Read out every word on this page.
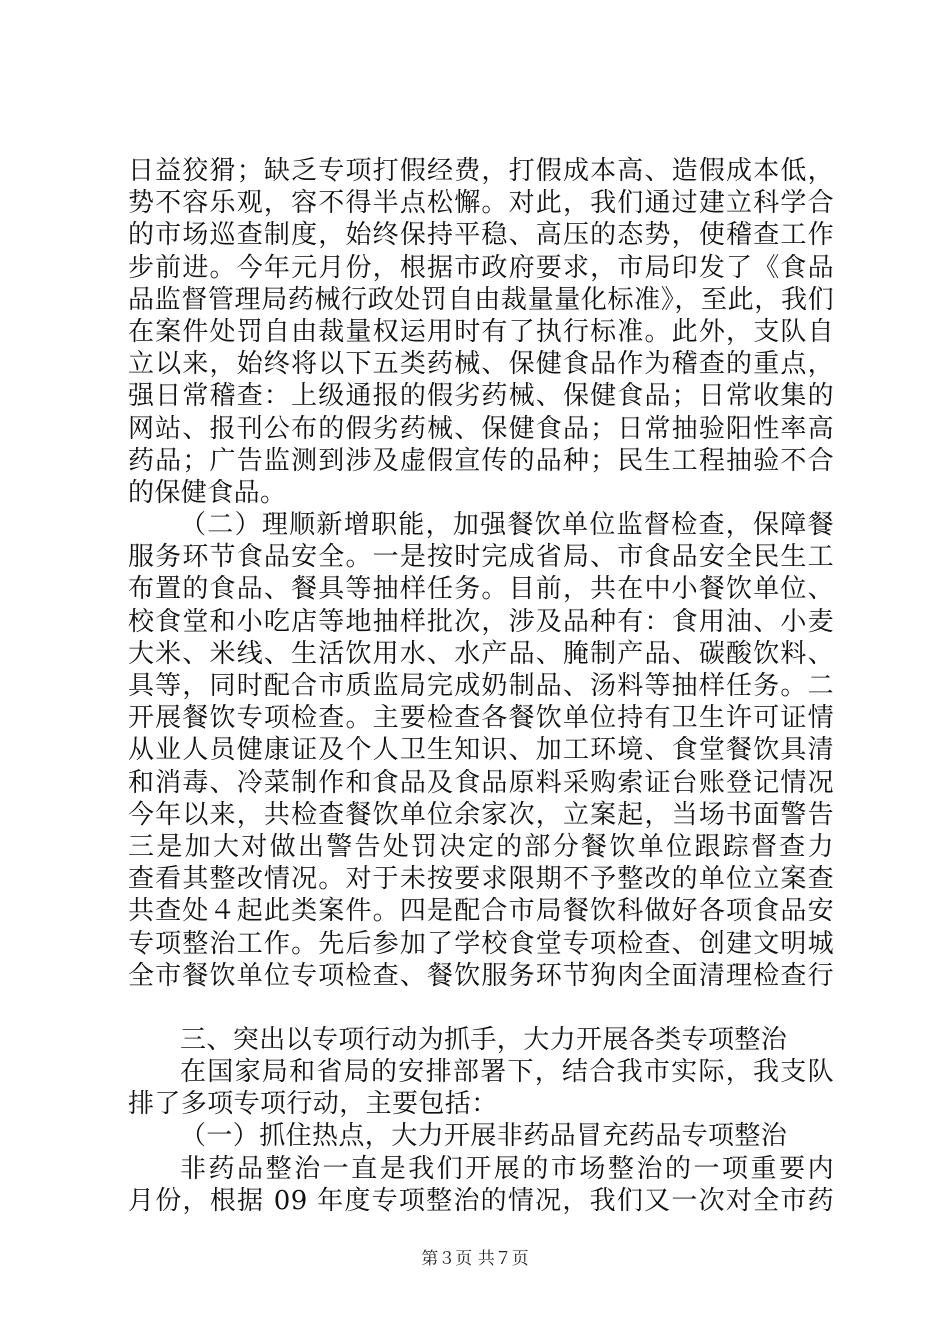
日益狡猾；缺乏专项打假经费，打假成本高、造假成本低，
势不容乐观，容不得半点松懈。对此，我们通过建立科学合
的市场巡查制度，始终保持平稳、高压的态势，使稽查工作
步前进。今年元月份，根据市政府要求，市局印发了《食品
品监督管理局药械行政处罚自由裁量量化标准》，至此，我们
在案件处罚自由裁量权运用时有了执行标准。此外，支队自
立以来，始终将以下五类药械、保健食品作为稽查的重点，
强日常稽查：上级通报的假劣药械、保健食品；日常收集的
网站、报刊公布的假劣药械、保健食品；日常抽验阳性率高
药品；广告监测到涉及虚假宣传的品种；民生工程抽验不合
的保健食品。
（二）理顺新增职能，加强餐饮单位监督检查，保障餐
服务环节食品安全。一是按时完成省局、市食品安全民生工
布置的食品、餐具等抽样任务。目前，共在中小餐饮单位、
校食堂和小吃店等地抽样批次，涉及品种有：食用油、小麦
大米、米线、生活饮用水、水产品、腌制产品、碳酸饮料、
具等，同时配合市质监局完成奶制品、汤料等抽样任务。二
开展餐饮专项检查。主要检查各餐饮单位持有卫生许可证情
从业人员健康证及个人卫生知识、加工环境、食堂餐饮具清
和消毒、冷菜制作和食品及食品原料采购索证台账登记情况
今年以来，共检查餐饮单位余家次，立案起，当场书面警告
三是加大对做出警告处罚决定的部分餐饮单位跟踪督查力
查看其整改情况。对于未按要求限期不予整改的单位立案查
共查处４起此类案件。四是配合市局餐饮科做好各项食品安
专项整治工作。先后参加了学校食堂专项检查、创建文明城
全市餐饮单位专项检查、餐饮服务环节狗肉全面清理检查行
三、突出以专项行动为抓手，大力开展各类专项整治
在国家局和省局的安排部署下，结合我市实际，我支队
排了多项专项行动，主要包括：
（一）抓住热点，大力开展非药品冒充药品专项整治
非药品整治一直是我们开展的市场整治的一项重要内
月份，根据 09 年度专项整治的情况，我们又一次对全市药
第３页 共７页
